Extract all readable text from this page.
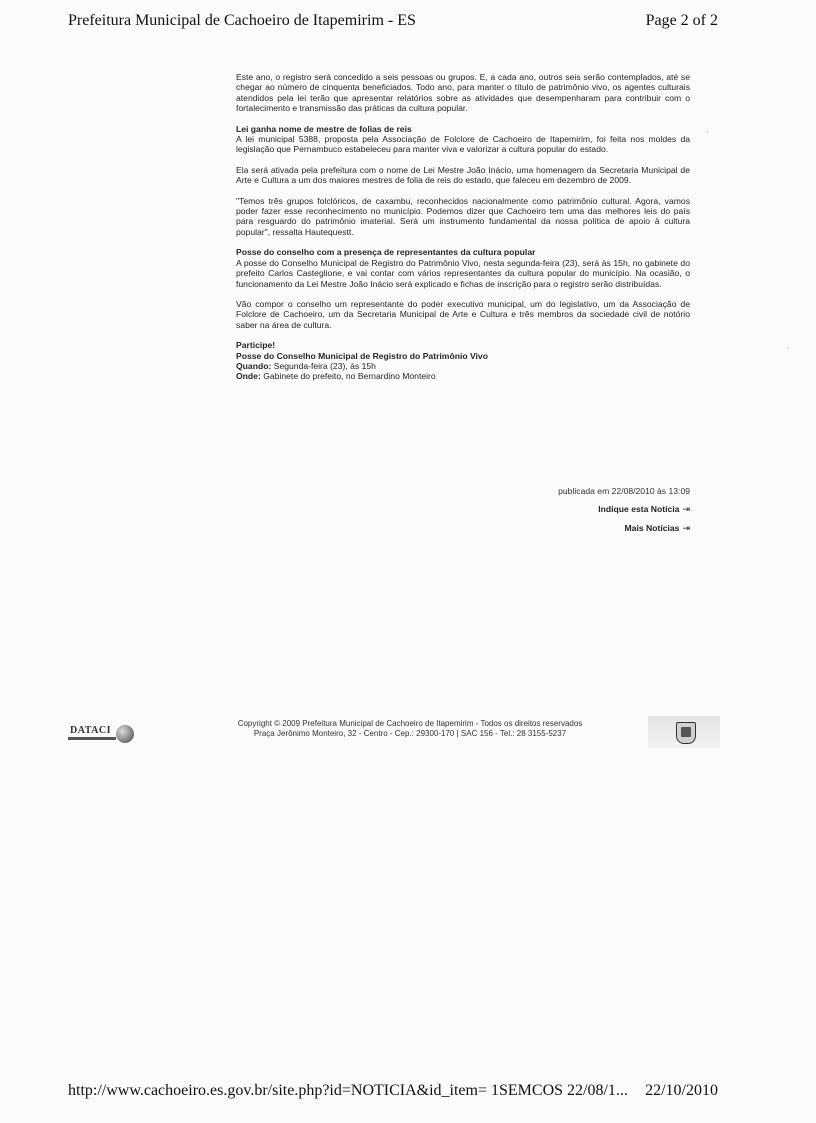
Prefeitura Municipal de Cachoeiro de Itapemirim - ES	Page 2 of 2

Este ano, o registro será concedido a seis pessoas ou grupos. E, a cada ano, outros seis serão contemplados, até se chegar ao número de cinquenta beneficiados. Todo ano, para manter o título de patrimônio vivo, os agentes culturais atendidos pela lei terão que apresentar relatórios sobre as atividades que desempenharam para contribuir com o fortalecimento e transmissão das práticas da cultura popular.

Lei ganha nome de mestre de folias de reis

A lei municipal 5388, proposta pela Associação de Folclore de Cachoeiro de Itapemirim, foi feita nos moldes da legislação que Pernambuco estabeleceu para manter viva e valorizar a cultura popular do estado.

Ela será ativada pela prefeitura com o nome de Lei Mestre João Inácio, uma homenagem da Secretaria Municipal de Arte e Cultura a um dos maiores mestres de folia de reis do estado, que faleceu em dezembro de 2009.

"Temos três grupos folclóricos, de caxambu, reconhecidos nacionalmente como patrimônio cultural. Agora, vamos poder fazer esse reconhecimento no município. Podemos dizer que Cachoeiro tem uma das melhores leis do país para resguardo do patrimônio imaterial. Será um instrumento fundamental da nossa política de apoio à cultura popular", ressalta Hautequestt.

Posse do conselho com a presença de representantes da cultura popular

A posse do Conselho Municipal de Registro do Patrimônio Vivo, nesta segunda-feira (23), será às 15h, no gabinete do prefeito Carlos Casteglione, e vai contar com vários representantes da cultura popular do município. Na ocasião, o funcionamento da Lei Mestre João Inácio será explicado e fichas de inscrição para o registro serão distribuídas.

Vão compor o conselho um representante do poder executivo municipal, um do legislativo, um da Associação de Folclore de Cachoeiro, um da Secretaria Municipal de Arte e Cultura e três membros da sociedade civil de notório saber na área de cultura.

Participe!
Posse do Conselho Municipal de Registro do Patrimônio Vivo
Quando: Segunda-feira (23), às 15h
Onde: Gabinete do prefeito, no Bernardino Monteiro
publicada em 22/08/2010 às 13:09
Indique esta Notícia ⇥
Mais Notícias ⇥
DATACI
Copyright © 2009 Prefeitura Municipal de Cachoeiro de Itapemirim - Todos os direitos reservados
Praça Jerônimo Monteiro, 32 - Centro - Cep.: 29300-170 | SAC 156 - Tel.: 28 3155-5237
·
·
http://www.cachoeiro.es.gov.br/site.php?id=NOTICIA&id_item= 1SEMCOS 22/08/1... 22/10/2010
